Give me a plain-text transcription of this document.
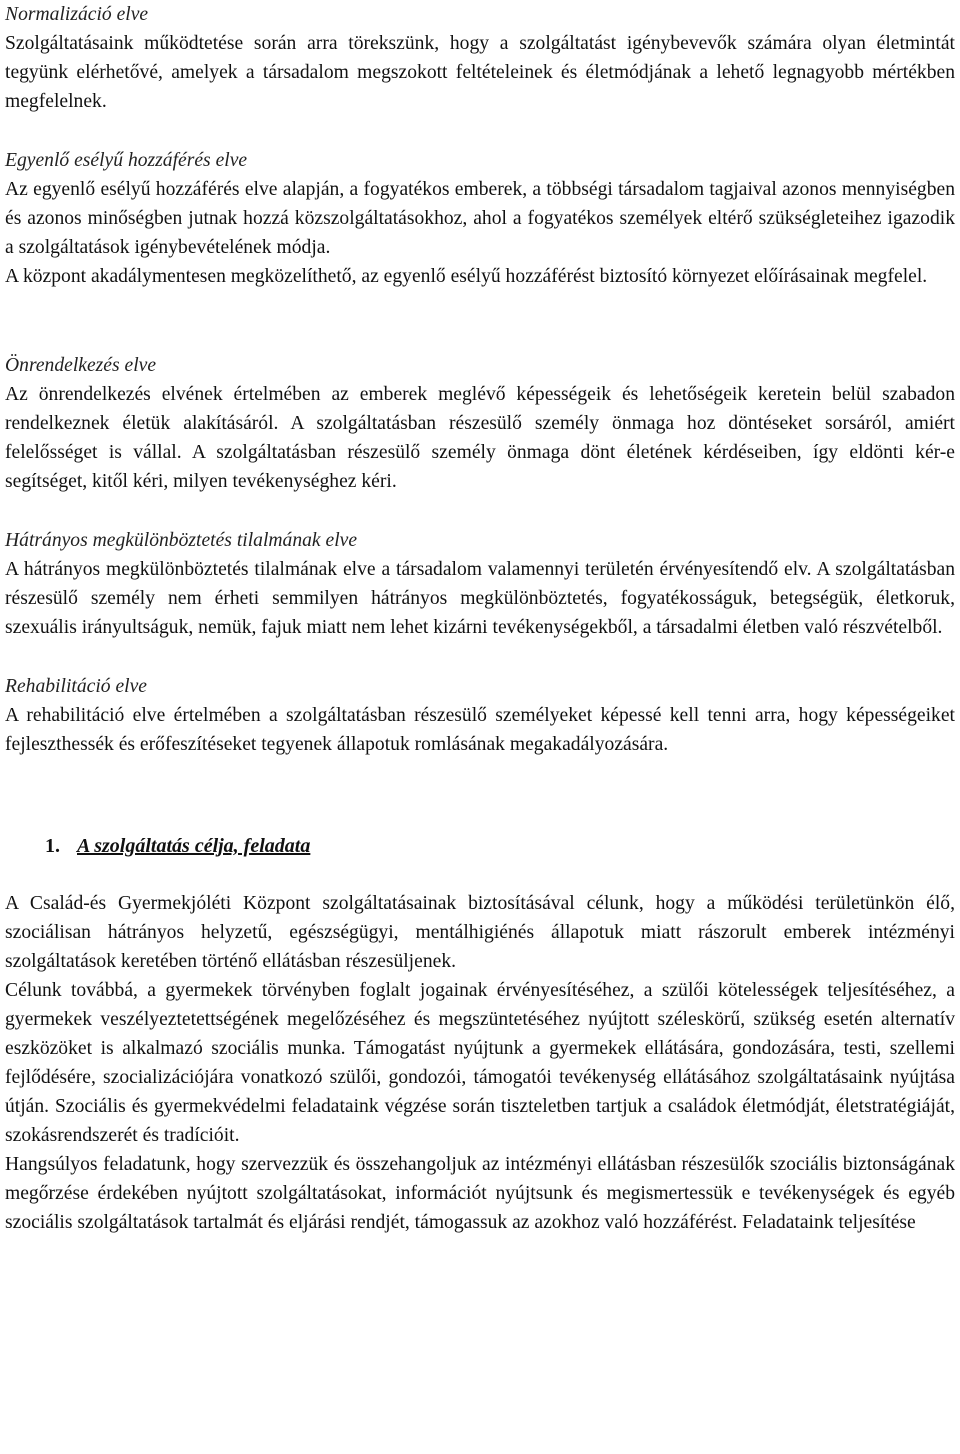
Normalizáció elve

Szolgáltatásaink működtetése során arra törekszünk, hogy a szolgáltatást igénybevevők számára olyan életmintát tegyünk elérhetővé, amelyek a társadalom megszokott feltételeinek és életmódjának a lehető legnagyobb mértékben megfelelnek.

Egyenlő esélyű hozzáférés elve

Az egyenlő esélyű hozzáférés elve alapján, a fogyatékos emberek, a többségi társadalom tagjaival azonos mennyiségben és azonos minőségben jutnak hozzá közszolgáltatásokhoz, ahol a fogyatékos személyek eltérő szükségleteihez igazodik a szolgáltatások igénybevételének módja.

A központ akadálymentesen megközelíthető, az egyenlő esélyű hozzáférést biztosító környezet előírásainak megfelel.

Önrendelkezés elve

Az önrendelkezés elvének értelmében az emberek meglévő képességeik és lehetőségeik keretein belül szabadon rendelkeznek életük alakításáról. A szolgáltatásban részesülő személy önmaga hoz döntéseket sorsáról, amiért felelősséget is vállal. A szolgáltatásban részesülő személy önmaga dönt életének kérdéseiben, így eldönti kér-e segítséget, kitől kéri, milyen tevékenységhez kéri.

Hátrányos megkülönböztetés tilalmának elve

A hátrányos megkülönböztetés tilalmának elve a társadalom valamennyi területén érvényesítendő elv. A szolgáltatásban részesülő személy nem érheti semmilyen hátrányos megkülönböztetés, fogyatékosságuk, betegségük, életkoruk, szexuális irányultságuk, nemük, fajuk miatt nem lehet kizárni tevékenységekből, a társadalmi életben való részvételből.

Rehabilitáció elve

A rehabilitáció elve értelmében a szolgáltatásban részesülő személyeket képessé kell tenni arra, hogy képességeiket fejleszthessék és erőfeszítéseket tegyenek állapotuk romlásának megakadályozására.

1. A szolgáltatás célja, feladata

A Család-és Gyermekjóléti Központ szolgáltatásainak biztosításával célunk, hogy a működési területünkön élő, szociálisan hátrányos helyzetű, egészségügyi, mentálhigiénés állapotuk miatt rászorult emberek intézményi szolgáltatások keretében történő ellátásban részesüljenek.

Célunk továbbá, a gyermekek törvényben foglalt jogainak érvényesítéséhez, a szülői kötelességek teljesítéséhez, a gyermekek veszélyeztetettségének megelőzéséhez és megszüntetéséhez nyújtott széleskörű, szükség esetén alternatív eszközöket is alkalmazó szociális munka. Támogatást nyújtunk a gyermekek ellátására, gondozására, testi, szellemi fejlődésére, szocializációjára vonatkozó szülői, gondozói, támogatói tevékenység ellátásához szolgáltatásaink nyújtása útján. Szociális és gyermekvédelmi feladataink végzése során tiszteletben tartjuk a családok életmódját, életstratégiáját, szokásrendszerét és tradícióit.

Hangsúlyos feladatunk, hogy szervezzük és összehangoljuk az intézményi ellátásban részesülők szociális biztonságának megőrzése érdekében nyújtott szolgáltatásokat, információt nyújtsunk és megismertessük e tevékenységek és egyéb szociális szolgáltatások tartalmát és eljárási rendjét, támogassuk az azokhoz való hozzáférést. Feladataink teljesítése
